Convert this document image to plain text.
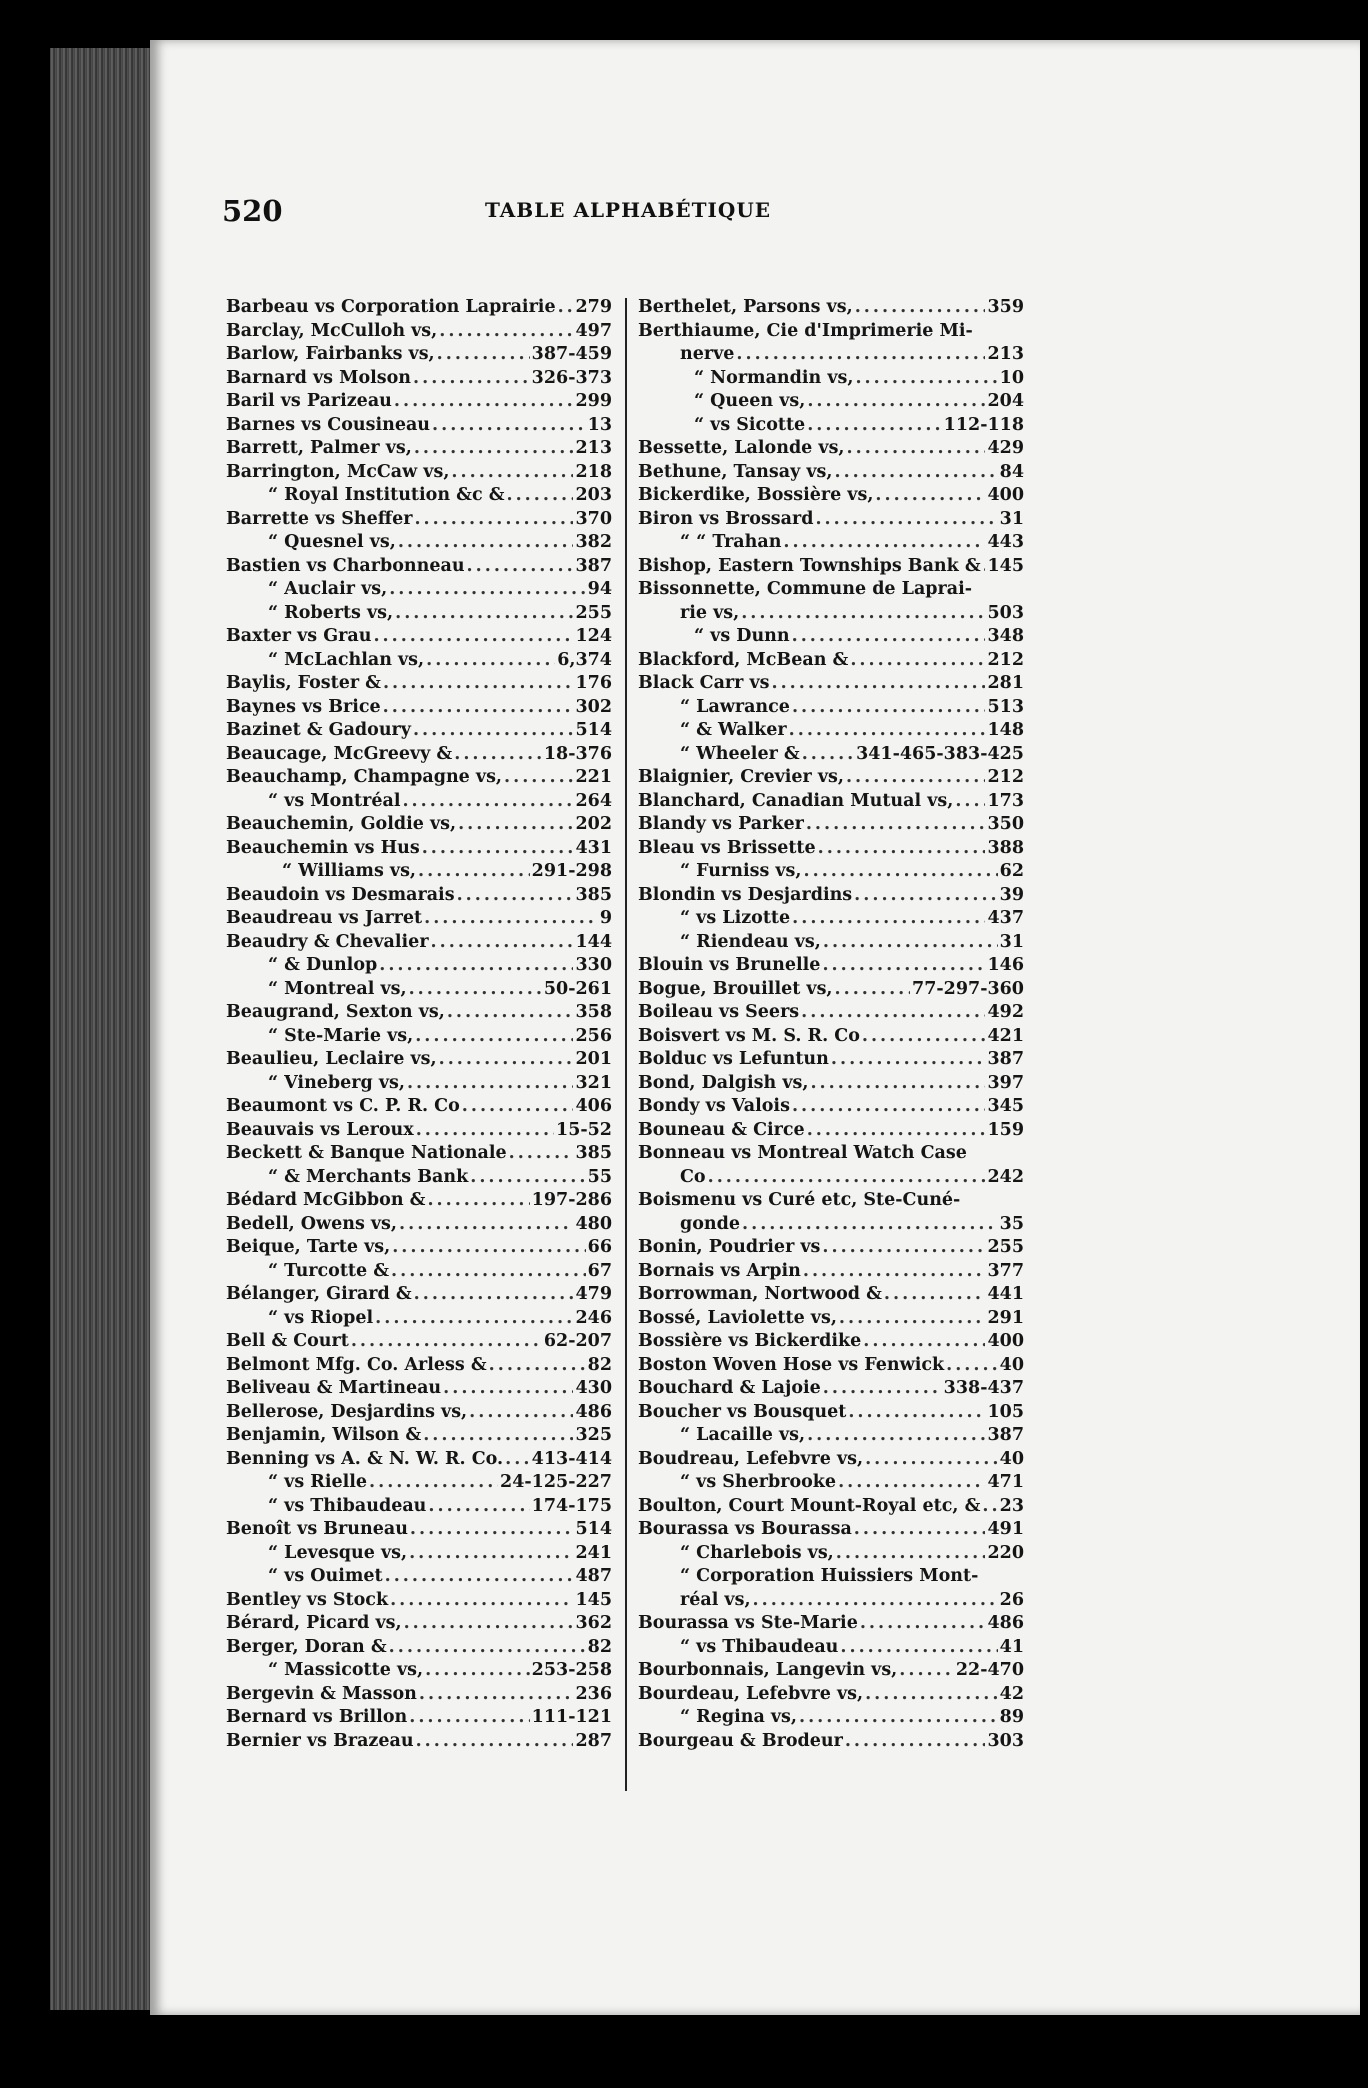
520	TABLE ALPHABÉTIQUE
Barbeau vs Corporation Laprairie ..... 279
Barclay, McCulloh vs, .....	497
Barlow, Fairbanks vs, .....	387-459
Barnard vs Molson .....	326-373
Baril vs Parizeau .....	299
Barnes vs Cousineau .....	13
Barrett, Palmer vs, .....	213
Barrington, McCaw vs, .....	218
“ Royal Institution &c & .....	203
Barrette vs Sheffer .....	370
“ Quesnel vs, .....	382
Bastien vs Charbonneau .....	387
“ Auclair vs, .....	94
“ Roberts vs, .....	255
Baxter vs Grau .....	124
“ McLachlan vs, .....	6,374
Baylis, Foster & .....	176
Baynes vs Brice .....	302
Bazinet & Gadoury .....	514
Beaucage, McGreevy & .....	18-376
Beauchamp, Champagne vs, .....	221
“ vs Montréal .....	264
Beauchemin, Goldie vs, .....	202
Beauchemin vs Hus .....	431
“ Williams vs, .....	291-298
Beaudoin vs Desmarais .....	385
Beaudreau vs Jarret .....	9
Beaudry & Chevalier .....	144
“ & Dunlop .....	330
“ Montreal vs, .....	50-261
Beaugrand, Sexton vs, .....	358
“ Ste-Marie vs, .....	256
Beaulieu, Leclaire vs, .....	201
“ Vineberg vs, .....	321
Beaumont vs C. P. R. Co .....	406
Beauvais vs Leroux .....	15-52
Beckett & Banque Nationale .....	385
“ & Merchants Bank .....	55
Bédard McGibbon & .....	197-286
Bedell, Owens vs, .....	480
Beique, Tarte vs, .....	66
“ Turcotte & .....	67
Bélanger, Girard & .....	479
“ vs Riopel .....	246
Bell & Court .....	62-207
Belmont Mfg. Co. Arless & .....	82
Beliveau & Martineau .....	430
Bellerose, Desjardins vs, .....	486
Benjamin, Wilson & .....	325
Benning vs A. & N. W. R. Co. ..... 413-414
“ vs Rielle .....	24-125-227
“ vs Thibaudeau .....	174-175
Benoît vs Bruneau .....	514
“ Levesque vs, .....	241
“ vs Ouimet .....	487
Bentley vs Stock .....	145
Bérard, Picard vs, .....	362
Berger, Doran & .....	82
“ Massicotte vs, .....	253-258
Bergevin & Masson .....	236
Bernard vs Brillon .....	111-121
Bernier vs Brazeau .....	287
Berthelet, Parsons vs, .....	359
Berthiaume, Cie d'Imprimerie Mi-
nerve .....	213
“ Normandin vs, .....	10
“ Queen vs, .....	204
“ vs Sicotte .....	112-118
Bessette, Lalonde vs, .....	429
Bethune, Tansay vs, .....	84
Bickerdike, Bossière vs, .....	400
Biron vs Brossard .....	31
“ “ Trahan .....	443
Bishop, Eastern Townships Bank & ..... 145
Bissonnette, Commune de Laprai-
rie vs, .....	503
“ vs Dunn .....	348
Blackford, McBean & .....	212
Black Carr vs .....	281
“ Lawrance .....	513
“ & Walker .....	148
“ Wheeler & .....	341-465-383-425
Blaignier, Crevier vs, .....	212
Blanchard, Canadian Mutual vs, ..... 173
Blandy vs Parker .....	350
Bleau vs Brissette .....	388
“ Furniss vs, .....	62
Blondin vs Desjardins .....	39
“ vs Lizotte .....	437
“ Riendeau vs, .....	31
Blouin vs Brunelle .....	146
Bogue, Brouillet vs, .....	77-297-360
Boileau vs Seers .....	492
Boisvert vs M. S. R. Co .....	421
Bolduc vs Lefuntun .....	387
Bond, Dalgish vs, .....	397
Bondy vs Valois .....	345
Bouneau & Circe .....	159
Bonneau vs Montreal Watch Case
Co .....	242
Boismenu vs Curé etc, Ste-Cuné-
gonde .....	35
Bonin, Poudrier vs .....	255
Bornais vs Arpin .....	377
Borrowman, Nortwood & .....	441
Bossé, Laviolette vs, .....	291
Bossière vs Bickerdike .....	400
Boston Woven Hose vs Fenwick .....	40
Bouchard & Lajoie .....	338-437
Boucher vs Bousquet .....	105
“ Lacaille vs, .....	387
Boudreau, Lefebvre vs, .....	40
“ vs Sherbrooke .....	471
Boulton, Court Mount-Royal etc, & ..... 23
Bourassa vs Bourassa .....	491
“ Charlebois vs, .....	220
“ Corporation Huissiers Mont-
réal vs, .....	26
Bourassa vs Ste-Marie .....	486
“ vs Thibaudeau .....	41
Bourbonnais, Langevin vs, .....	22-470
Bourdeau, Lefebvre vs, .....	42
“ Regina vs, .....	89
Bourgeau & Brodeur .....	303
